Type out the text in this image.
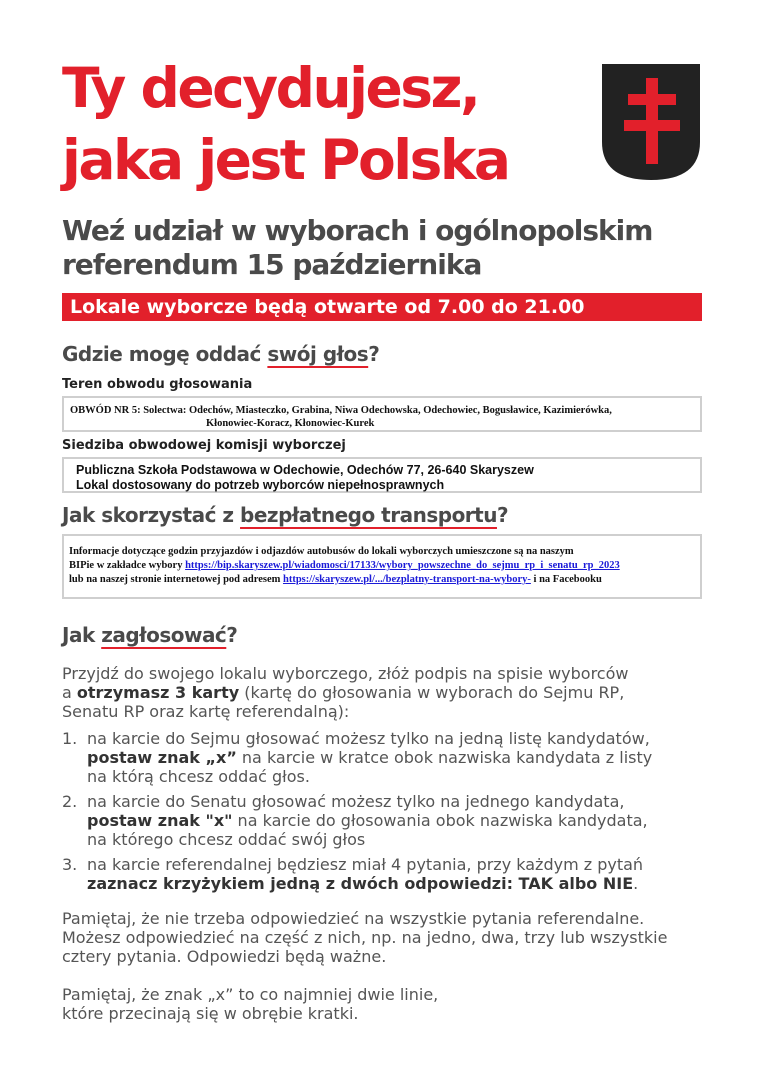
Ty decydujesz,
jaka jest Polska
Weź udział w wyborach i ogólnopolskim
referendum 15 października
Lokale wyborcze będą otwarte od 7.00 do 21.00
Gdzie mogę oddać swój głos?
Teren obwodu głosowania
OBWÓD NR 5: Solectwa: Odechów, Miasteczko, Grabina, Niwa Odechowska, Odechowiec, Bogusławice, Kazimierówka,
Kłonowiec-Koracz, Kłonowiec-Kurek
Siedziba obwodowej komisji wyborczej
Publiczna Szkoła Podstawowa w Odechowie, Odechów 77, 26-640 Skaryszew
Lokal dostosowany do potrzeb wyborców niepełnosprawnych
Jak skorzystać z bezpłatnego transportu?
Informacje dotyczące godzin przyjazdów i odjazdów autobusów do lokali wyborczych umieszczone są na naszym
BIPie w zakładce wybory https://bip.skaryszew.pl/wiadomosci/17133/wybory_powszechne_do_sejmu_rp_i_senatu_rp_2023
lub na naszej stronie internetowej pod adresem https://skaryszew.pl/.../bezplatny-transport-na-wybory- i na Facebooku
Jak zagłosować?
Przyjdź do swojego lokalu wyborczego, złóż podpis na spisie wyborców
a otrzymasz 3 karty (kartę do głosowania w wyborach do Sejmu RP,
Senatu RP oraz kartę referendalną):
1. na karcie do Sejmu głosować możesz tylko na jedną listę kandydatów,
postaw znak „x” na karcie w kratce obok nazwiska kandydata z listy
na którą chcesz oddać głos.
2. na karcie do Senatu głosować możesz tylko na jednego kandydata,
postaw znak "x" na karcie do głosowania obok nazwiska kandydata,
na którego chcesz oddać swój głos
3. na karcie referendalnej będziesz miał 4 pytania, przy każdym z pytań
zaznacz krzyżykiem jedną z dwóch odpowiedzi: TAK albo NIE.
Pamiętaj, że nie trzeba odpowiedzieć na wszystkie pytania referendalne.
Możesz odpowiedzieć na część z nich, np. na jedno, dwa, trzy lub wszystkie
cztery pytania. Odpowiedzi będą ważne.
Pamiętaj, że znak „x” to co najmniej dwie linie,
które przecinają się w obrębie kratki.
